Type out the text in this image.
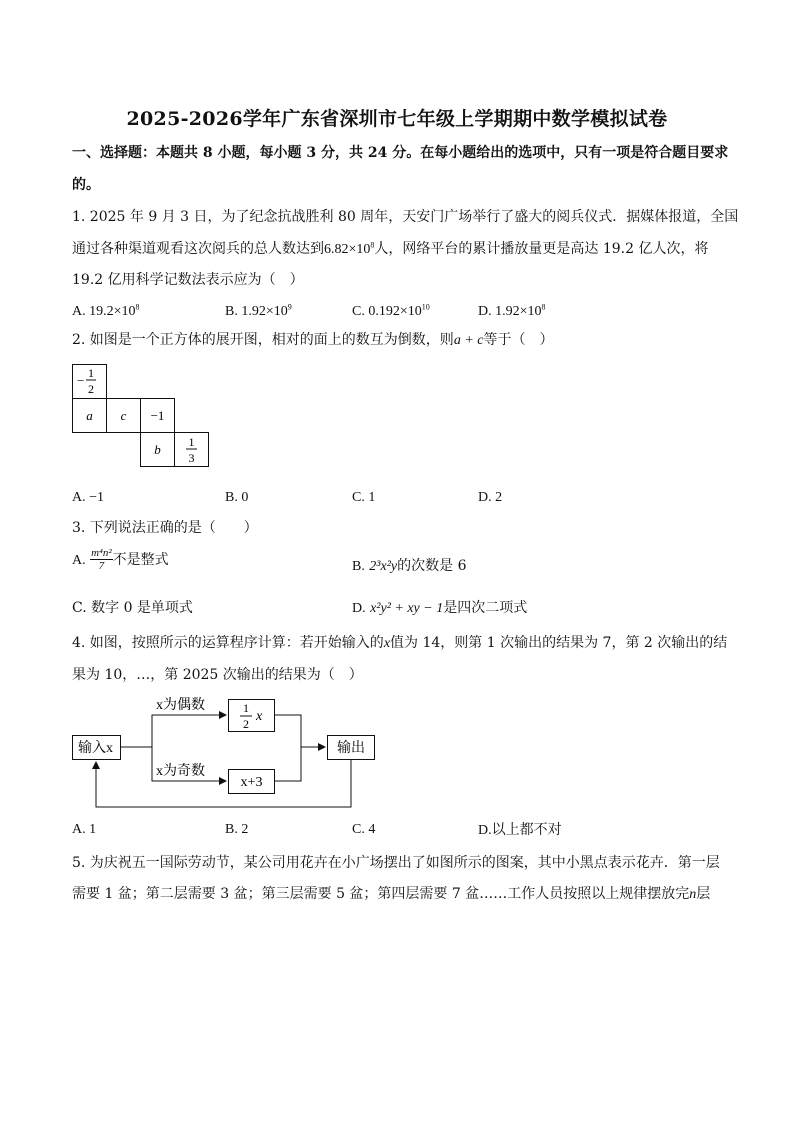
2025-2026学年广东省深圳市七年级上学期期中数学模拟试卷
一、选择题：本题共 8 小题，每小题 3 分，共 24 分。在每小题给出的选项中，只有一项是符合题目要求
的。
1. 2025 年 9 月 3 日，为了纪念抗战胜利 80 周年，天安门广场举行了盛大的阅兵仪式．据媒体报道，全国
通过各种渠道观看这次阅兵的总人数达到$6.82\times 10^8$人，网络平台的累计播放量更是高达 19.2 亿人次，将
19.2 亿用科学记数法表示应为（　）
A. $19.2\times 10^8$	B. $1.92\times 10^9$	C. $0.192\times 10^{10}$	D. $1.92\times 10^8$
2. 如图是一个正方体的展开图，相对的面上的数互为倒数，则a + c等于（　）
− 1
2
a c −1
b 1
3
A. −1	B. 0	C. 1	D. 2
3. 下列说法正确的是（　　）
A. $\frac{\text{m⁴n²}}{7}$ 不是整式	B. 2³x²y的次数是 6
C. 数字 0 是单项式	D. x²y² + xy − 1是四次二项式
4. 如图，按照所示的运算程序计算：若开始输入的x值为 14，则第 1 次输出的结果为 7，第 2 次输出的结
果为 10，…，第 2025 次输出的结果为（　）
输入x
x为偶数
x为奇数
1
2 x
x+3
输出
A. 1	B. 2	C. 4	D.以上都不对
5. 为庆祝五一国际劳动节，某公司用花卉在小广场摆出了如图所示的图案，其中小黑点表示花卉．第一层
需要 1 盆；第二层需要 3 盆；第三层需要 5 盆；第四层需要 7 盆……工作人员按照以上规律摆放完n层
